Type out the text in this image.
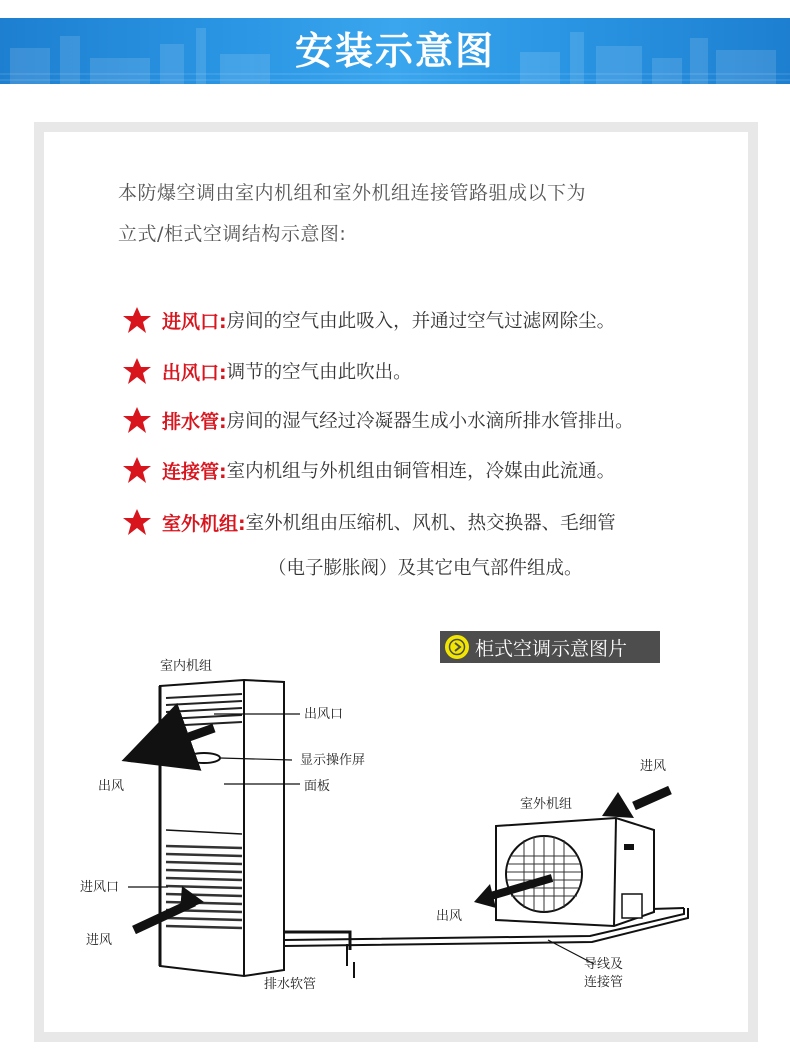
安装示意图
本防爆空调由室内机组和室外机组连接管路驵成以下为
立式/柜式空调结构示意图:
进风口: 房间的空气由此吸入，并通过空气过滤网除尘。
出风口: 调节的空气由此吹出。
排水管: 房间的湿气经过冷凝器生成小水滴所排水管排出。
连接管: 室内机组与外机组由铜管相连，冷媒由此流通。
室外机组: 室外机组由压缩机、风机、热交换器、毛细管
（电子膨胀阀）及其它电气部件组成。
柜式空调示意图片
室内机组
出风口
显示操作屏
面板
出风
进风口
进风
排水软管
进风
室外机组
出风
导线及
连接管
